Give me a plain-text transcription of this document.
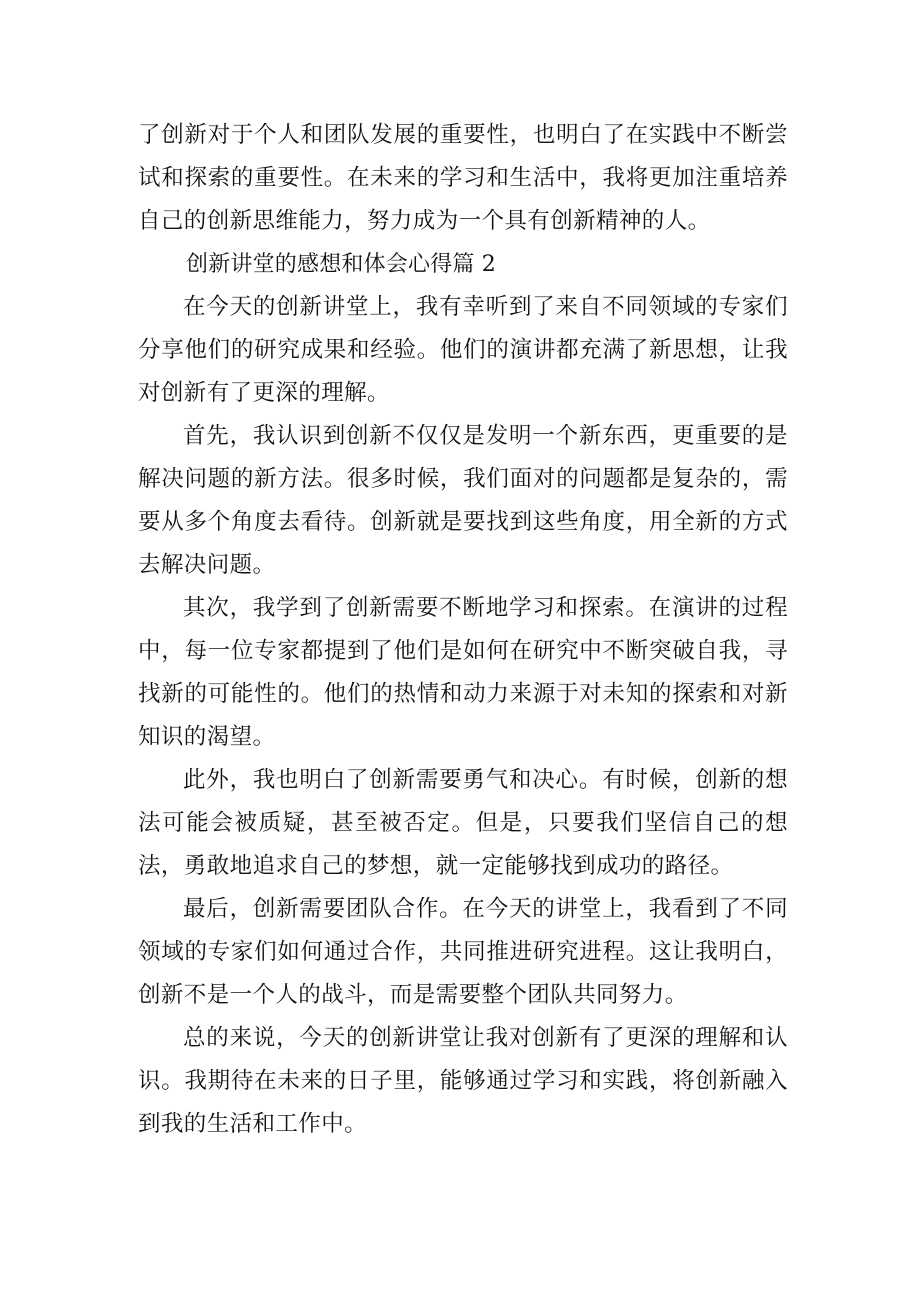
了创新对于个人和团队发展的重要性，也明白了在实践中不断尝试和探索的重要性。在未来的学习和生活中，我将更加注重培养自己的创新思维能力，努力成为一个具有创新精神的人。

创新讲堂的感想和体会心得篇 2

在今天的创新讲堂上，我有幸听到了来自不同领域的专家们分享他们的研究成果和经验。他们的演讲都充满了新思想，让我对创新有了更深的理解。

首先，我认识到创新不仅仅是发明一个新东西，更重要的是解决问题的新方法。很多时候，我们面对的问题都是复杂的，需要从多个角度去看待。创新就是要找到这些角度，用全新的方式去解决问题。

其次，我学到了创新需要不断地学习和探索。在演讲的过程中，每一位专家都提到了他们是如何在研究中不断突破自我，寻找新的可能性的。他们的热情和动力来源于对未知的探索和对新知识的渴望。

此外，我也明白了创新需要勇气和决心。有时候，创新的想法可能会被质疑，甚至被否定。但是，只要我们坚信自己的想法，勇敢地追求自己的梦想，就一定能够找到成功的路径。

最后，创新需要团队合作。在今天的讲堂上，我看到了不同领域的专家们如何通过合作，共同推进研究进程。这让我明白，创新不是一个人的战斗，而是需要整个团队共同努力。

总的来说，今天的创新讲堂让我对创新有了更深的理解和认识。我期待在未来的日子里，能够通过学习和实践，将创新融入到我的生活和工作中。
